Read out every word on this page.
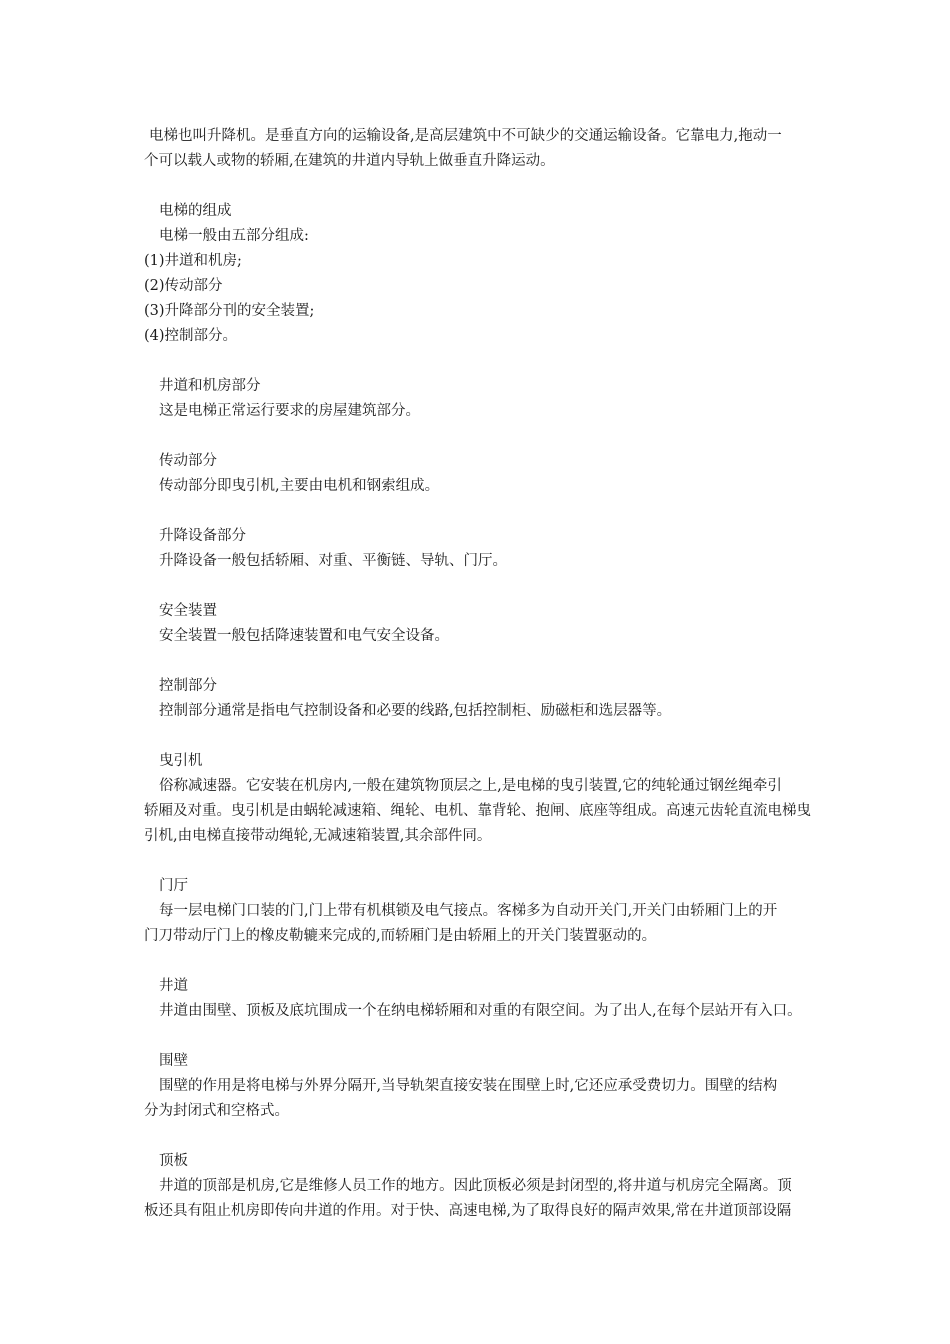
电梯也叫升降机。是垂直方向的运输设备,是高层建筑中不可缺少的交通运输设备。它靠电力,拖动一
个可以载人或物的轿厢,在建筑的井道内导轨上做垂直升降运动。
电梯的组成
电梯一般由五部分组成:
(1)井道和机房;
(2)传动部分
(3)升降部分刊的安全装置;
(4)控制部分。
井道和机房部分
这是电梯正常运行要求的房屋建筑部分。
传动部分
传动部分即曳引机,主要由电机和钢索组成。
升降设备部分
升降设备一般包括轿厢、对重、平衡链、导轨、门厅。
安全装置
安全装置一般包括降速装置和电气安全设备。
控制部分
控制部分通常是指电气控制设备和必要的线路,包括控制柜、励磁柜和选层器等。
曳引机
俗称减速器。它安装在机房内,一般在建筑物顶层之上,是电梯的曳引装置,它的纯轮通过钢丝绳牵引
轿厢及对重。曳引机是由蜗轮减速箱、绳轮、电机、靠背轮、抱闸、底座等组成。高速元齿轮直流电梯曳
引机,由电梯直接带动绳轮,无减速箱装置,其余部件同。
门厅
每一层电梯门口装的门,门上带有机棋锁及电气接点。客梯多为自动开关门,开关门由轿厢门上的开
门刀带动厅门上的橡皮勒辘来完成的,而轿厢门是由轿厢上的开关门装置驱动的。
井道
井道由围壁、顶板及底坑围成一个在纳电梯轿厢和对重的有限空间。为了出人,在每个层站开有入口。
围壁
围壁的作用是将电梯与外界分隔开,当导轨架直接安装在围壁上时,它还应承受费切力。围壁的结构
分为封闭式和空格式。
顶板
井道的顶部是机房,它是维修人员工作的地方。因此顶板必须是封闭型的,将井道与机房完全隔离。顶
板还具有阻止机房即传向井道的作用。对于快、高速电梯,为了取得良好的隔声效果,常在井道顶部设隔
